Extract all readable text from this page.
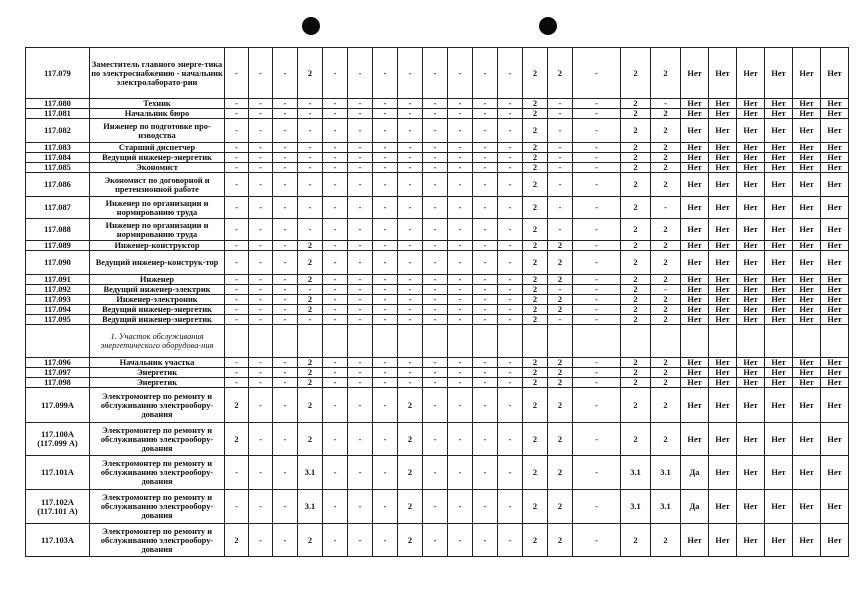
117.079	Заместитель главного энерге-тика по электроснабжению - начальник электролаборато-рии	-	-	-	2	-	-	-	-	-	-	-	-	2	2	-	2	2	Нет	Нет	Нет	Нет	Нет	Нет
117.080	Техник	-	-	-	-	-	-	-	-	-	-	-	-	2	-	-	2	-	Нет	Нет	Нет	Нет	Нет	Нет
117.081	Начальник бюро	-	-	-	-	-	-	-	-	-	-	-	-	2	-	-	2	2	Нет	Нет	Нет	Нет	Нет	Нет
117.082	Инженер по подготовке про-изводства	-	-	-	-	-	-	-	-	-	-	-	-	2	-	-	2	2	Нет	Нет	Нет	Нет	Нет	Нет
117.083	Старший диспетчер	-	-	-	-	-	-	-	-	-	-	-	-	2	-	-	2	2	Нет	Нет	Нет	Нет	Нет	Нет
117.084	Ведущий инженер-энергетик	-	-	-	-	-	-	-	-	-	-	-	-	2	-	-	2	2	Нет	Нет	Нет	Нет	Нет	Нет
117.085	Экономист	-	-	-	-	-	-	-	-	-	-	-	-	2	-	-	2	2	Нет	Нет	Нет	Нет	Нет	Нет
117.086	Экономист по договорной и претензионной работе	-	-	-	-	-	-	-	-	-	-	-	-	2	-	-	2	2	Нет	Нет	Нет	Нет	Нет	Нет
117.087	Инженер по организации и нормированию труда	-	-	-	-	-	-	-	-	-	-	-	-	2	-	-	2	-	Нет	Нет	Нет	Нет	Нет	Нет
117.088	Инженер по организации и нормированию труда	-	-	-	-	-	-	-	-	-	-	-	-	2	-	-	2	2	Нет	Нет	Нет	Нет	Нет	Нет
117.089	Инженер-конструктор	-	-	-	2	-	-	-	-	-	-	-	-	2	2	-	2	2	Нет	Нет	Нет	Нет	Нет	Нет
117.090	Ведущий инженер-конструк-тор	-	-	-	2	-	-	-	-	-	-	-	-	2	2	-	2	2	Нет	Нет	Нет	Нет	Нет	Нет
117.091	Инженер	-	-	-	2	-	-	-	-	-	-	-	-	2	2	-	2	2	Нет	Нет	Нет	Нет	Нет	Нет
117.092	Ведущий инженер-электрик	-	-	-	-	-	-	-	-	-	-	-	-	2	-	-	2	-	Нет	Нет	Нет	Нет	Нет	Нет
117.093	Инженер-электроник	-	-	-	2	-	-	-	-	-	-	-	-	2	2	-	2	2	Нет	Нет	Нет	Нет	Нет	Нет
117.094	Ведущий инженер-энергетик	-	-	-	2	-	-	-	-	-	-	-	-	2	2	-	2	2	Нет	Нет	Нет	Нет	Нет	Нет
117.095	Ведущий инженер-энергетик	-	-	-	-	-	-	-	-	-	-	-	-	2	-	-	2	2	Нет	Нет	Нет	Нет	Нет	Нет
	1. Участок обслуживания энергетического оборудова-ния																							
117.096	Начальник участка	-	-	-	2	-	-	-	-	-	-	-	-	2	2	-	2	2	Нет	Нет	Нет	Нет	Нет	Нет
117.097	Энергетик	-	-	-	2	-	-	-	-	-	-	-	-	2	2	-	2	2	Нет	Нет	Нет	Нет	Нет	Нет
117.098	Энергетик	-	-	-	2	-	-	-	-	-	-	-	-	2	2	-	2	2	Нет	Нет	Нет	Нет	Нет	Нет
117.099А	Электромонтер по ремонту и обслуживанию электрообору-дования	2	-	-	2	-	-	-	2	-	-	-	-	2	2	-	2	2	Нет	Нет	Нет	Нет	Нет	Нет
117.100А (117.099 А)	Электромонтер по ремонту и обслуживанию электрообору-дования	2	-	-	2	-	-	-	2	-	-	-	-	2	2	-	2	2	Нет	Нет	Нет	Нет	Нет	Нет
117.101А	Электромонтер по ремонту и обслуживанию электрообору-дования	-	-	-	3.1	-	-	-	2	-	-	-	-	2	2	-	3.1	3.1	Да	Нет	Нет	Нет	Нет	Нет
117.102А (117.101 А)	Электромонтер по ремонту и обслуживанию электрообору-дования	-	-	-	3.1	-	-	-	2	-	-	-	-	2	2	-	3.1	3.1	Да	Нет	Нет	Нет	Нет	Нет
117.103А	Электромонтер по ремонту и обслуживанию электрообору-дования	2	-	-	2	-	-	-	2	-	-	-	-	2	2	-	2	2	Нет	Нет	Нет	Нет	Нет	Нет
